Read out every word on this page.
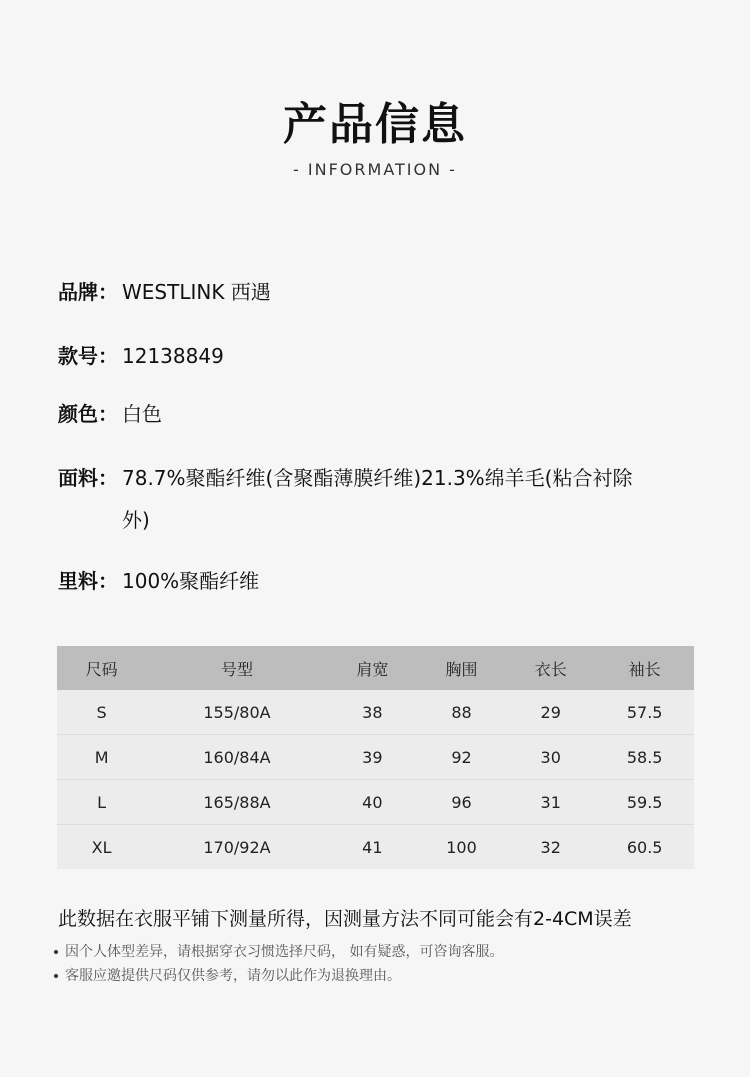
产品信息
- INFORMATION -
品牌： WESTLINK 西遇
款号： 12138849
颜色： 白色
面料： 78.7%聚酯纤维(含聚酯薄膜纤维)21.3%绵羊毛(粘合衬除外)
里料： 100%聚酯纤维
尺码	号型	肩宽	胸围	衣长	袖长
S	155/80A	38	88	29	57.5
M	160/84A	39	92	30	58.5
L	165/88A	40	96	31	59.5
XL	170/92A	41	100	32	60.5
此数据在衣服平铺下测量所得，因测量方法不同可能会有2-4CM误差
因个人体型差异，请根据穿衣习惯选择尺码， 如有疑惑，可咨询客服。
客服应邀提供尺码仅供参考，请勿以此作为退换理由。
